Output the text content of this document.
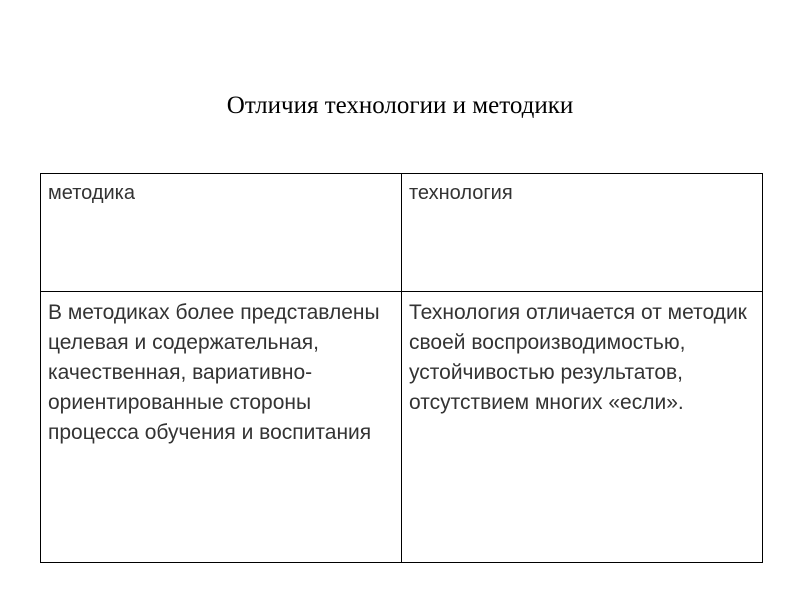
Отличия технологии и методики
методика	технология
В методиках более представлены целевая и содержательная, качественная, вариативно-ориентированные стороны процесса обучения и воспитания	Технология отличается от методик своей воспроизводимостью, устойчивостью результатов, отсутствием многих «если».
